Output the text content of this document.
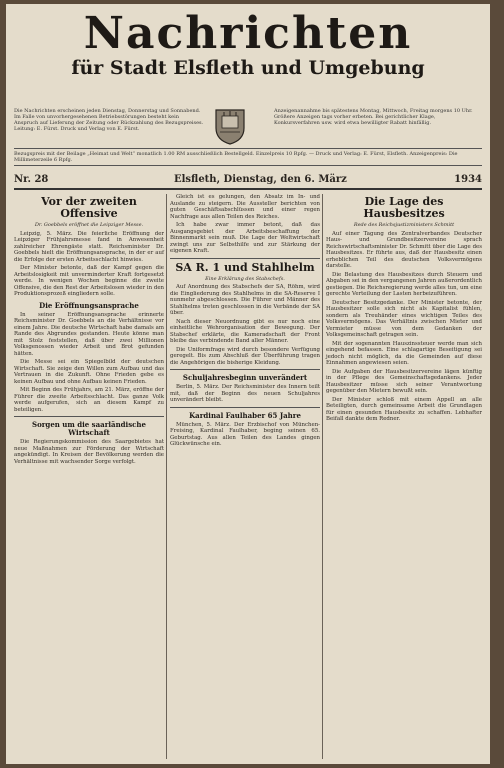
Nachrichten
für Stadt Elsfleth und Umgebung
Die Nachrichten erscheinen jeden Dienstag, Donnerstag und Sonnabend. Im Falle von unvorhergesehenen Betriebsstörungen besteht kein Anspruch auf Lieferung der Zeitung oder Rückzahlung des Bezugspreises. Leitung: E. Fürst. Druck und Verlag von E. Fürst.
Anzeigenannahme bis spätestens Montag, Mittwoch, Freitag morgens 10 Uhr. Größere Anzeigen tags vorher erbeten. Bei gerichtlicher Klage, Konkursverfahren usw. wird etwa bewilligter Rabatt hinfällig.
Bezugspreis mit der Beilage „Heimat und Welt“ monatlich 1.00 RM ausschließlich Bestellgeld. Einzelpreis 10 Rpfg. — Druck und Verlag: E. Fürst, Elsfleth. Anzeigenpreis: Die Millimeterzeile 6 Rpfg.
Nr. 28	Elsfleth, Dienstag, den 6. März	1934
Vor der zweiten Offensive
Dr. Goebbels eröffnet die Leipziger Messe.

Leipzig, 5. März. Die feierliche Eröffnung der Leipziger Frühjahrsmesse fand in Anwesenheit zahlreicher Ehrengäste statt. Reichsminister Dr. Goebbels hielt die Eröffnungsansprache, in der er auf die Erfolge der ersten Arbeitsschlacht hinwies.

Der Minister betonte, daß der Kampf gegen die Arbeitslosigkeit mit unverminderter Kraft fortgesetzt werde. In wenigen Wochen beginne die zweite Offensive, die den Rest der Arbeitslosen wieder in den Produktionsprozeß eingliedern solle.

Die Eröffnungsansprache

In seiner Eröffnungsansprache erinnerte Reichsminister Dr. Goebbels an die Verhältnisse vor einem Jahre. Die deutsche Wirtschaft habe damals am Rande des Abgrundes gestanden. Heute könne man mit Stolz feststellen, daß über zwei Millionen Volksgenossen wieder Arbeit und Brot gefunden hätten.

Die Messe sei ein Spiegelbild der deutschen Wirtschaft. Sie zeige den Willen zum Aufbau und das Vertrauen in die Zukunft. Ohne Frieden gebe es keinen Aufbau und ohne Aufbau keinen Frieden.

Mit Beginn des Frühjahrs, am 21. März, eröffne der Führer die zweite Arbeitsschlacht. Das ganze Volk werde aufgerufen, sich an diesem Kampf zu beteiligen.

Sorgen um die saarländische Wirtschaft

Die Regierungskommission des Saargebietes hat neue Maßnahmen zur Förderung der Wirtschaft angekündigt. In Kreisen der Bevölkerung werden die Verhältnisse mit wachsender Sorge verfolgt.

Gleich ist es gelungen, den Absatz im In- und Auslande zu steigern. Die Aussteller berichten von guten Geschäftsabschlüssen und einer regen Nachfrage aus allen Teilen des Reiches.

Ich habe zwar immer betont, daß das Ausgangsgebiet der Arbeitsbeschaffung der Binnenmarkt sein muß. Die Lage der Weltwirtschaft zwingt uns zur Selbsthilfe und zur Stärkung der eigenen Kraft.

SA R. 1 und Stahlhelm
Eine Erklärung des Stabschefs.

Auf Anordnung des Stabschefs der SA, Röhm, wird die Eingliederung des Stahlhelms in die SA-Reserve I nunmehr abgeschlossen. Die Führer und Männer des Stahlhelms treten geschlossen in die Verbände der SA über.

Nach dieser Neuordnung gibt es nur noch eine einheitliche Wehrorganisation der Bewegung. Der Stabschef erklärte, die Kameradschaft der Front bleibe das verbindende Band aller Männer.

Die Uniformfrage wird durch besondere Verfügung geregelt. Bis zum Abschluß der Überführung tragen die Angehörigen die bisherige Kleidung.

Schuljahresbeginn unverändert

Berlin, 5. März. Der Reichsminister des Innern teilt mit, daß der Beginn des neuen Schuljahres unverändert bleibt.

Kardinal Faulhaber 65 Jahre

München, 5. März. Der Erzbischof von München-Freising, Kardinal Faulhaber, beging seinen 65. Geburtstag. Aus allen Teilen des Landes gingen Glückwünsche ein.

Die Lage des Hausbesitzes
Rede des Reichsjustizministers Schmitt

Auf einer Tagung des Zentralverbandes Deutscher Haus- und Grundbesitzervereine sprach Reichswirtschaftsminister Dr. Schmitt über die Lage des Hausbesitzes. Er führte aus, daß der Hausbesitz einen erheblichen Teil des deutschen Volksvermögens darstelle.

Die Belastung des Hausbesitzes durch Steuern und Abgaben sei in den vergangenen Jahren außerordentlich gestiegen. Die Reichsregierung werde alles tun, um eine gerechte Verteilung der Lasten herbeizuführen.

Deutscher Besitzgedanke. Der Minister betonte, der Hausbesitzer solle sich nicht als Kapitalist fühlen, sondern als Treuhänder eines wichtigen Teiles des Volksvermögens. Das Verhältnis zwischen Mieter und Vermieter müsse von dem Gedanken der Volksgemeinschaft getragen sein.

Mit der sogenannten Hauszinssteuer werde man sich eingehend befassen. Eine schlagartige Beseitigung sei jedoch nicht möglich, da die Gemeinden auf diese Einnahmen angewiesen seien.

Die Aufgaben der Hausbesitzervereine lägen künftig in der Pflege des Gemeinschaftsgedankens. Jeder Hausbesitzer müsse sich seiner Verantwortung gegenüber den Mietern bewußt sein.

Der Minister schloß mit einem Appell an alle Beteiligten, durch gemeinsame Arbeit die Grundlagen für einen gesunden Hausbesitz zu schaffen. Lebhafter Beifall dankte dem Redner.
